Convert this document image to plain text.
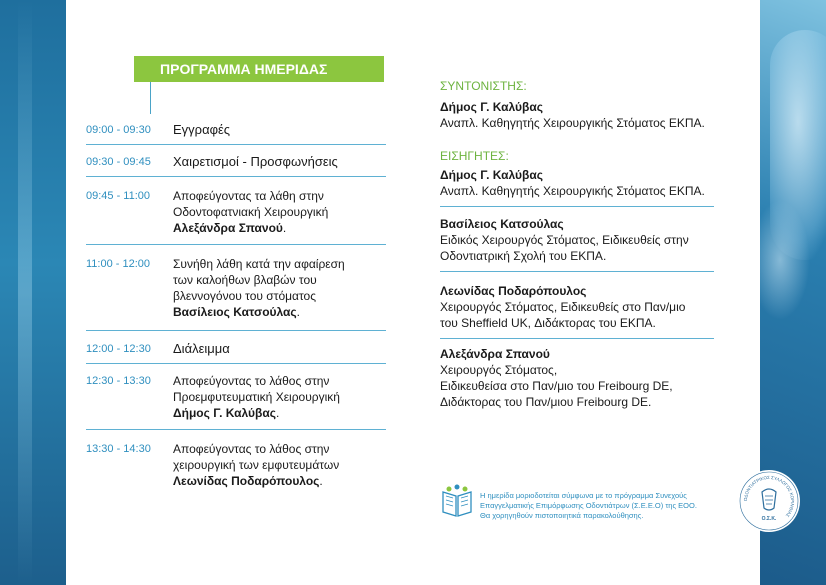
ΠΡΟΓΡΑΜΜΑ ΗΜΕΡΙΔΑΣ
09:00 - 09:30	Εγγραφές
09:30 - 09:45	Χαιρετισμοί - Προσφωνήσεις
09:45 - 11:00	Αποφεύγοντας τα λάθη στην
Οδοντοφατνιακή Χειρουργική
Αλεξάνδρα Σπανού.
11:00 - 12:00	Συνήθη λάθη κατά την αφαίρεση
των καλοήθων βλαβών του
βλεννογόνου του στόματος
Βασίλειος Κατσούλας.
12:00 - 12:30	Διάλειμμα
12:30 - 13:30	Αποφεύγοντας το λάθος στην
Προεμφυτευματική Χειρουργική
Δήμος Γ. Καλύβας.
13:30 - 14:30	Αποφεύγοντας το λάθος στην
χειρουργική των εμφυτευμάτων
Λεωνίδας Ποδαρόπουλος.
ΣΥΝΤΟΝΙΣΤΗΣ:
Δήμος Γ. Καλύβας
Αναπλ. Καθηγητής Χειρουργικής Στόματος ΕΚΠΑ.
ΕΙΣΗΓΗΤΕΣ:
Δήμος Γ. Καλύβας
Αναπλ. Καθηγητής Χειρουργικής Στόματος ΕΚΠΑ.
Βασίλειος Κατσούλας
Ειδικός Χειρουργός Στόματος, Ειδικευθείς στην
Οδοντιατρική Σχολή του ΕΚΠΑ.
Λεωνίδας Ποδαρόπουλος
Χειρουργός Στόματος, Ειδικευθείς στο Παν/μιο
του Sheffield UK, Διδάκτορας του ΕΚΠΑ.
Αλεξάνδρα Σπανού
Χειρουργός Στόματος,
Ειδικευθείσα στο Παν/μιο του Freibourg DE,
Διδάκτορας του Παν/μιου Freibourg DE.
Η ημερίδα μοριοδοτείται σύμφωνα με το πρόγραμμα Συνεχούς
Επαγγελματικής Επιμόρφωσης Οδοντιάτρων (Σ.Ε.Ε.Ο) της ΕΟΟ.
Θα χορηγηθούν πιστοποιητικά παρακολούθησης.
ΟΔΟΝΤΙΑΤΡΙΚΟΣ ΣΥΛΛΟΓΟΣ ΚΟΡΙΝΘΙΑΣ
Ο.Σ.Κ.
